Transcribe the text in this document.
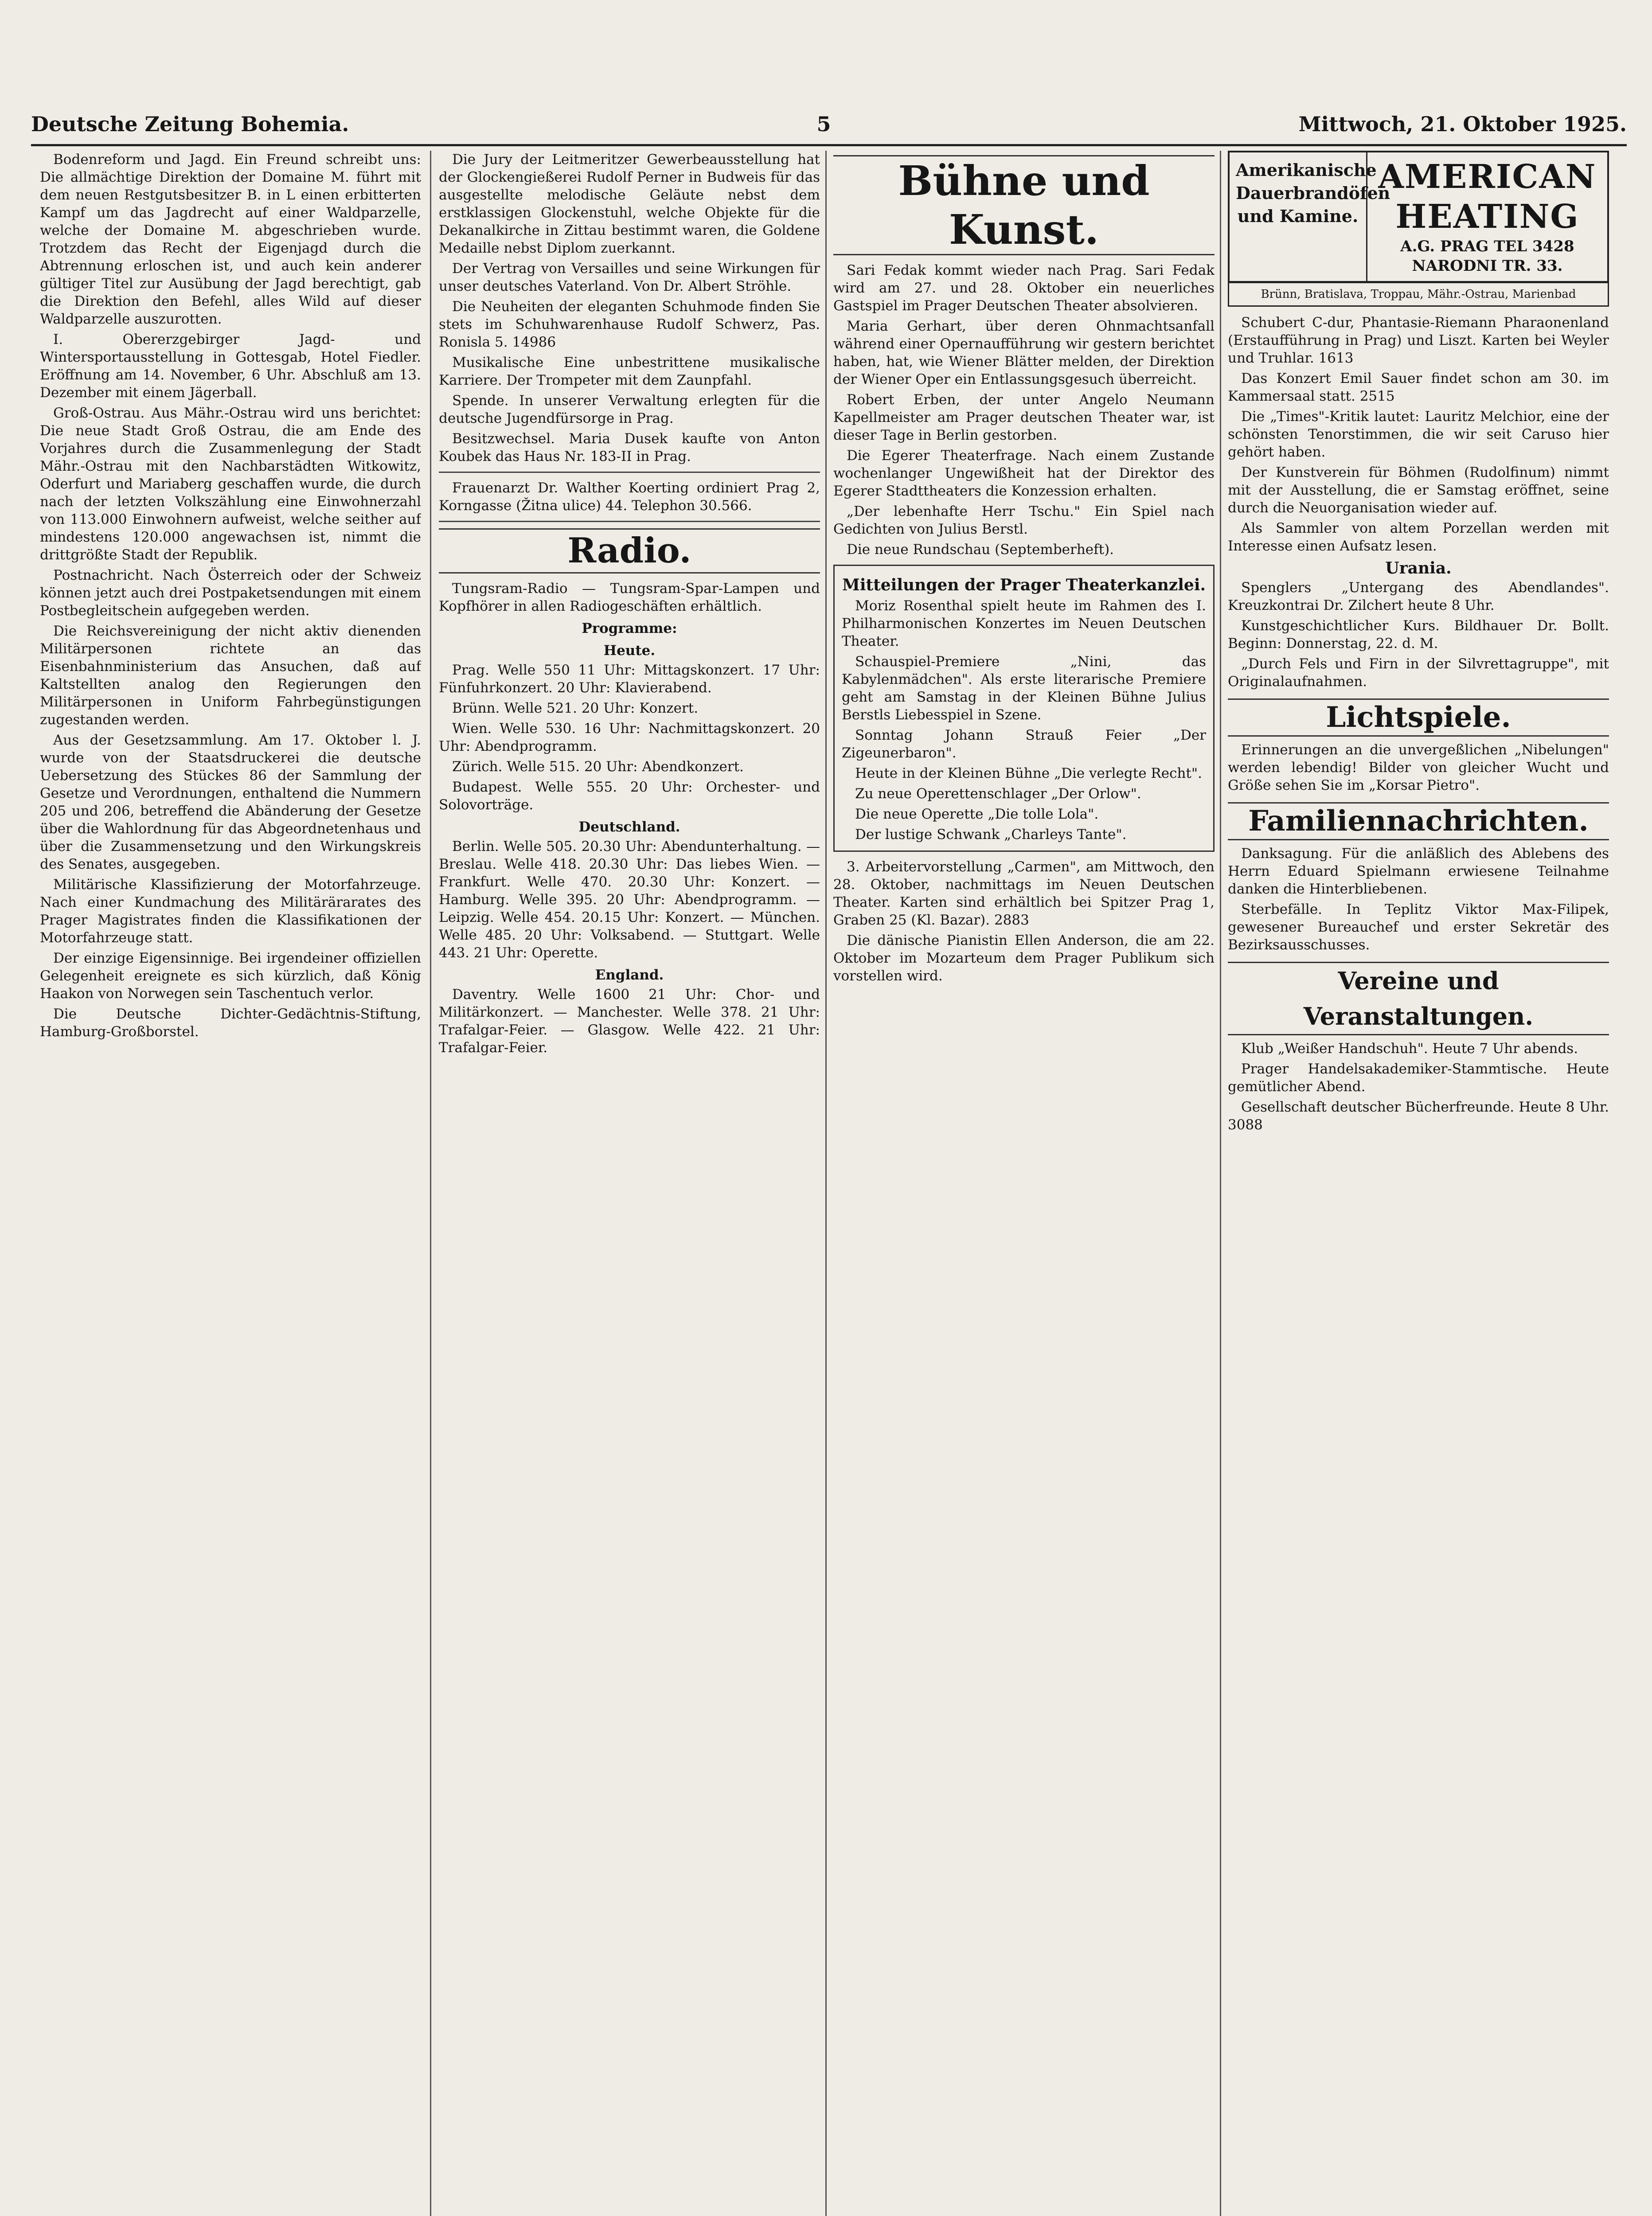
Deutsche Zeitung Bohemia.	5	Mittwoch, 21. Oktober 1925.

Bodenreform und Jagd. Ein Freund schreibt uns: Die allmächtige Direktion der Domaine M. führt mit dem neuen Restgutsbesitzer B. in L einen erbitterten Kampf um das Jagdrecht auf einer Waldparzelle, welche der Domaine M. abgeschrieben wurde. Trotzdem das Recht der Eigenjagd durch die Abtrennung erloschen ist, und auch kein anderer gültiger Titel zur Ausübung der Jagd berechtigt, gab die Direktion den Befehl, alles Wild auf dieser Waldparzelle auszurotten.

I. Obererzgebirger Jagd- und Wintersportausstellung in Gottesgab, Hotel Fiedler. Eröffnung am 14. November, 6 Uhr. Abschluß am 13. Dezember mit einem Jägerball.

Groß-Ostrau. Aus Mähr.-Ostrau wird uns berichtet: Die neue Stadt Groß Ostrau, die am Ende des Vorjahres durch die Zusammenlegung der Stadt Mähr.-Ostrau mit den Nachbarstädten Witkowitz, Oderfurt und Mariaberg geschaffen wurde, die durch nach der letzten Volkszählung eine Einwohnerzahl von 113.000 Einwohnern aufweist, welche seither auf mindestens 120.000 angewachsen ist, nimmt die drittgrößte Stadt der Republik.

Postnachricht. Nach Österreich oder der Schweiz können jetzt auch drei Postpaketsendungen mit einem Postbegleitschein aufgegeben werden.

Die Reichsvereinigung der nicht aktiv dienenden Militärpersonen richtete an das Eisenbahnministerium das Ansuchen, daß auf Kaltstellten analog den Regierungen den Militärpersonen in Uniform Fahrbegünstigungen zugestanden werden.

Aus der Gesetzsammlung. Am 17. Oktober l. J. wurde von der Staatsdruckerei die deutsche Uebersetzung des Stückes 86 der Sammlung der Gesetze und Verordnungen, enthaltend die Nummern 205 und 206, betreffend die Abänderung der Gesetze über die Wahlordnung für das Abgeordnetenhaus und über die Zusammensetzung und den Wirkungskreis des Senates, ausgegeben.

Militärische Klassifizierung der Motorfahrzeuge. Nach einer Kundmachung des Militärärarates des Prager Magistrates finden die Klassifikationen der Motorfahrzeuge statt.

Der einzige Eigensinnige. Bei irgendeiner offiziellen Gelegenheit ereignete es sich kürzlich, daß König Haakon von Norwegen sein Taschentuch verlor.

Die Deutsche Dichter-Gedächtnis-Stiftung, Hamburg-Großborstel.

Die Jury der Leitmeritzer Gewerbeausstellung hat der Glockengießerei Rudolf Perner in Budweis für das ausgestellte melodische Geläute nebst dem erstklassigen Glockenstuhl, welche Objekte für die Dekanalkirche in Zittau bestimmt waren, die Goldene Medaille nebst Diplom zuerkannt.

Der Vertrag von Versailles und seine Wirkungen für unser deutsches Vaterland. Von Dr. Albert Ströhle.

Die Neuheiten der eleganten Schuhmode finden Sie stets im Schuhwarenhause Rudolf Schwerz, Pas. Ronisla 5. 14986

Musikalische Eine unbestrittene musikalische Karriere. Der Trompeter mit dem Zaunpfahl.

Spende. In unserer Verwaltung erlegten für die deutsche Jugendfürsorge in Prag.

Besitzwechsel. Maria Dusek kaufte von Anton Koubek das Haus Nr. 183-II in Prag.

Frauenarzt Dr. Walther Koerting ordiniert Prag 2, Korngasse (Žitna ulice) 44. Telephon 30.566.

Radio.

Tungsram-Radio — Tungsram-Spar-Lampen und Kopfhörer in allen Radiogeschäften erhältlich.

Programme:
Heute.

Prag. Welle 550 11 Uhr: Mittagskonzert. 17 Uhr: Fünfuhrkonzert. 20 Uhr: Klavierabend.

Brünn. Welle 521. 20 Uhr: Konzert.

Wien. Welle 530. 16 Uhr: Nachmittagskonzert. 20 Uhr: Abendprogramm.

Zürich. Welle 515. 20 Uhr: Abendkonzert.

Budapest. Welle 555. 20 Uhr: Orchester- und Solovorträge.

Deutschland.

Berlin. Welle 505. 20.30 Uhr: Abendunterhaltung. — Breslau. Welle 418. 20.30 Uhr: Das liebes Wien. — Frankfurt. Welle 470. 20.30 Uhr: Konzert. — Hamburg. Welle 395. 20 Uhr: Abendprogramm. — Leipzig. Welle 454. 20.15 Uhr: Konzert. — München. Welle 485. 20 Uhr: Volksabend. — Stuttgart. Welle 443. 21 Uhr: Operette.

England.

Daventry. Welle 1600 21 Uhr: Chor- und Militärkonzert. — Manchester. Welle 378. 21 Uhr: Trafalgar-Feier. — Glasgow. Welle 422. 21 Uhr: Trafalgar-Feier.

Bühne und Kunst.

Sari Fedak kommt wieder nach Prag. Sari Fedak wird am 27. und 28. Oktober ein neuerliches Gastspiel im Prager Deutschen Theater absolvieren.

Maria Gerhart, über deren Ohnmachtsanfall während einer Opernaufführung wir gestern berichtet haben, hat, wie Wiener Blätter melden, der Direktion der Wiener Oper ein Entlassungsgesuch überreicht.

Robert Erben, der unter Angelo Neumann Kapellmeister am Prager deutschen Theater war, ist dieser Tage in Berlin gestorben.

Die Egerer Theaterfrage. Nach einem Zustande wochenlanger Ungewißheit hat der Direktor des Egerer Stadttheaters die Konzession erhalten.

„Der lebenhafte Herr Tschu." Ein Spiel nach Gedichten von Julius Berstl.

Die neue Rundschau (Septemberheft).

Mitteilungen der Prager Theaterkanzlei.

Moriz Rosenthal spielt heute im Rahmen des I. Philharmonischen Konzertes im Neuen Deutschen Theater.

Schauspiel-Premiere „Nini, das Kabylenmädchen". Als erste literarische Premiere geht am Samstag in der Kleinen Bühne Julius Berstls Liebesspiel in Szene.

Sonntag Johann Strauß Feier „Der Zigeunerbaron".

Heute in der Kleinen Bühne „Die verlegte Recht".

Zu neue Operettenschlager „Der Orlow".

Die neue Operette „Die tolle Lola".

Der lustige Schwank „Charleys Tante".

3. Arbeitervorstellung „Carmen", am Mittwoch, den 28. Oktober, nachmittags im Neuen Deutschen Theater. Karten sind erhältlich bei Spitzer Prag 1, Graben 25 (Kl. Bazar). 2883

Die dänische Pianistin Ellen Anderson, die am 22. Oktober im Mozarteum dem Prager Publikum sich vorstellen wird.

Amerikanische Dauerbrandöfen und Kamine.
AMERICAN HEATING
A.G. PRAG TEL 3428 NARODNI TR. 33.
Brünn, Bratislava, Troppau, Mähr.-Ostrau, Marienbad

Schubert C-dur, Phantasie-Riemann Pharaonenland (Erstaufführung in Prag) und Liszt. Karten bei Weyler und Truhlar. 1613

Das Konzert Emil Sauer findet schon am 30. im Kammersaal statt. 2515

Die „Times"-Kritik lautet: Lauritz Melchior, eine der schönsten Tenorstimmen, die wir seit Caruso hier gehört haben.

Der Kunstverein für Böhmen (Rudolfinum) nimmt mit der Ausstellung, die er Samstag eröffnet, seine durch die Neuorganisation wieder auf.

Als Sammler von altem Porzellan werden mit Interesse einen Aufsatz lesen.

Urania.

Spenglers „Untergang des Abendlandes". Kreuzkontrai Dr. Zilchert heute 8 Uhr.

Kunstgeschichtlicher Kurs. Bildhauer Dr. Bollt. Beginn: Donnerstag, 22. d. M.

„Durch Fels und Firn in der Silvrettagruppe", mit Originalaufnahmen.

Lichtspiele.

Erinnerungen an die unvergeßlichen „Nibelungen" werden lebendig! Bilder von gleicher Wucht und Größe sehen Sie im „Korsar Pietro".

Familiennachrichten.

Danksagung. Für die anläßlich des Ablebens des Herrn Eduard Spielmann erwiesene Teilnahme danken die Hinterbliebenen.

Sterbefälle. In Teplitz Viktor Max-Filipek, gewesener Bureauchef und erster Sekretär des Bezirksausschusses.

Vereine und Veranstaltungen.

Klub „Weißer Handschuh". Heute 7 Uhr abends.

Prager Handelsakademiker-Stammtische. Heute gemütlicher Abend.

Gesellschaft deutscher Bücherfreunde. Heute 8 Uhr. 3088
